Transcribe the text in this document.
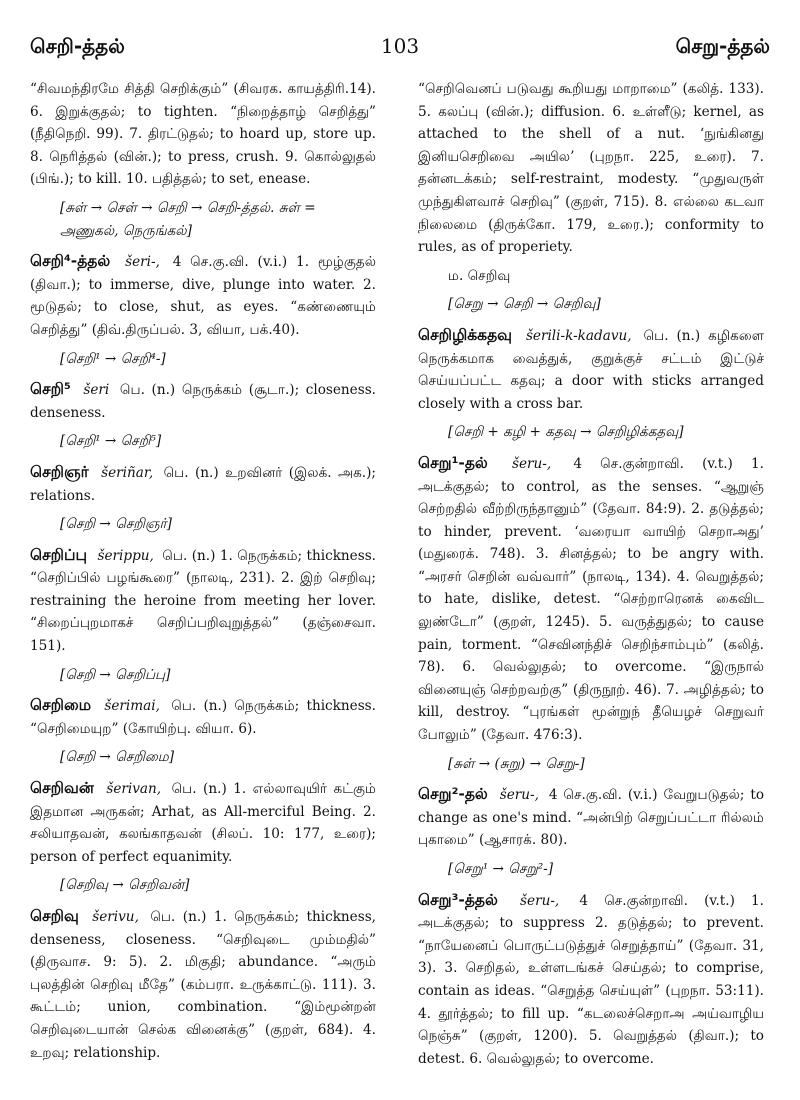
செறி-த்தல்	103	செறு-த்தல்
“சிவமந்திரமே சித்தி செறிக்கும்” (சிவரக. காயத்திரி.14). 6. இறுக்குதல்; to tighten. “நிறைத்தாழ் செறித்து” (நீதிநெறி. 99). 7. திரட்டுதல்; to hoard up, store up. 8. நெரித்தல் (வின்.); to press, crush. 9. கொல்லுதல் (பிங்.); to kill. 10. பதித்தல்; to set, enease.
[சுள் → செள் → செறி → செறி-த்தல். சுள் = அணுகல், நெருங்கல்]
செறி⁴-த்தல் šeri-, 4 செ.கு.வி. (v.i.) 1. மூழ்குதல் (திவா.); to immerse, dive, plunge into water. 2. மூடுதல்; to close, shut, as eyes. “கண்ணையும் செறித்து” (திவ்.திருப்பல். 3, வியா, பக்.40).
[செறி¹ → செறி⁴-]
செறி⁵ šeri பெ. (n.) நெருக்கம் (சூடா.); closeness. denseness.
[செறி¹ → செறி⁵]
செறிஞர் šeriñar, பெ. (n.) உறவினர் (இலக். அக.); relations.
[செறி → செறிஞர்]
செறிப்பு šerippu, பெ. (n.) 1. நெருக்கம்; thickness. “செறிப்பில் பழங்கூரை” (நாலடி, 231). 2. இற் செறிவு; restraining the heroine from meeting her lover. “சிறைப்புறமாகச் செறிப்பறிவுறுத்தல்” (தஞ்சைவா. 151).
[செறி → செறிப்பு]
செறிமை šerimai, பெ. (n.) நெருக்கம்; thickness. “செறிமையுற” (கோயிற்பு. வியா. 6).
[செறி → செறிமை]
செறிவன் šerivan, பெ. (n.) 1. எல்லாவுயிர் கட்கும் இதமான அருகன்; Arhat, as All-merciful Being. 2. சலியாதவன், கலங்காதவன் (சிலப். 10: 177, உரை); person of perfect equanimity.
[செறிவு → செறிவன்]
செறிவு šerivu, பெ. (n.) 1. நெருக்கம்; thickness, denseness, closeness. “செறிவுடை மும்மதில்” (திருவாச. 9: 5). 2. மிகுதி; abundance. “அரும் புலத்தின் செறிவு மீதே” (கம்பரா. உருக்காட்டு. 111). 3. கூட்டம்; union, combination. “இம்மூன்றன் செறிவுடையான் செல்க வினைக்கு” (குறள், 684). 4. உறவு; relationship.
“செறிவெனப் படுவது கூறியது மாறாமை” (கலித். 133). 5. கலப்பு (வின்.); diffusion. 6. உள்ளீடு; kernel, as attached to the shell of a nut. ‘நுங்கினது இனியசெறிவை அயில’ (புறநா. 225, உரை). 7. தன்னடக்கம்; self-restraint, modesty. “முதுவருள் முந்துகிளவாச் செறிவு” (குறள், 715). 8. எல்லை கடவா நிலைமை (திருக்கோ. 179, உரை.); conformity to rules, as of properiety.
ம. செறிவு
[செறு → செறி → செறிவு]
செறிழிக்கதவு šerili-k-kadavu, பெ. (n.) கழிகளை நெருக்கமாக வைத்துக், குறுக்குச் சட்டம் இட்டுச் செய்யப்பட்ட கதவு; a door with sticks arranged closely with a cross bar.
[செறி + கழி + கதவு → செறிழிக்கதவு]
செறு¹-தல் šeru-, 4 செ.குன்றாவி. (v.t.) 1. அடக்குதல்; to control, as the senses. “ஆறுஞ் செற்றதில் வீற்றிருந்தானும்” (தேவா. 84:9). 2. தடுத்தல்; to hinder, prevent. ‘வரையா வாயிற் செறாஅது’ (மதுரைக். 748). 3. சினத்தல்; to be angry with. “அரசர் செறின் வவ்வார்” (நாலடி, 134). 4. வெறுத்தல்; to hate, dislike, detest. “செற்றாரெனக் கைவிட லுண்டோ” (குறள், 1245). 5. வருத்துதல்; to cause pain, torment. “செவினந்திச் செறிந்சாம்பும்” (கலித். 78). 6. வெல்லுதல்; to overcome. “இருநால் வினையுஞ் செற்றவற்கு” (திருநூற். 46). 7. அழித்தல்; to kill, destroy. “புரங்கள் மூன்றுந் தீயெழச் செறுவர் போலும்” (தேவா. 476:3).
[சுள் → (சுறு) → செறு-]
செறு²-தல் šeru-, 4 செ.கு.வி. (v.i.) வேறுபடுதல்; to change as one's mind. “அன்பிற் செறுப்பட்டா ரில்லம் புகாமை” (ஆசாரக். 80).
[செறு¹ → செறு²-]
செறு³-த்தல் šeru-, 4 செ.குன்றாவி. (v.t.) 1. அடக்குதல்; to suppress 2. தடுத்தல்; to prevent. “நாயேனைப் பொருட்படுத்துச் செறுத்தாய்” (தேவா. 31, 3). 3. செறிதல், உள்ளடங்கச் செய்தல்; to comprise, contain as ideas. “செறுத்த செய்யுள்” (புறநா. 53:11). 4. தூர்த்தல்; to fill up. “கடலைச்செறாஅ அய்வாழிய நெஞ்சு” (குறள், 1200). 5. வெறுத்தல் (திவா.); to detest. 6. வெல்லுதல்; to overcome.
